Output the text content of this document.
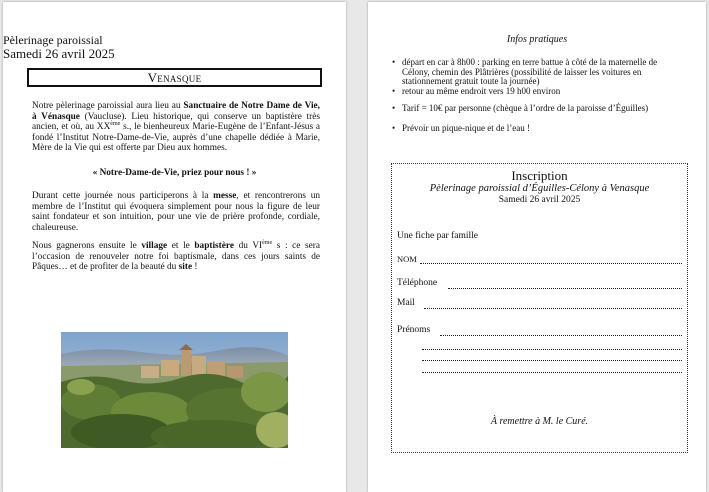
Pèlerinage paroissial
Samedi 26 avril 2025
Venasque
Notre pèlerinage paroissial aura lieu au Sanctuaire de Notre Dame de Vie, à Vénasque (Vaucluse). Lieu historique, qui conserve un baptistère très ancien, et où, au XXème s., le bienheureux Marie-Eugène de l’Enfant-Jésus a fondé l’Institut Notre-Dame-de-Vie, auprès d’une chapelle dédiée à Marie, Mère de la Vie qui est offerte par Dieu aux hommes.
« Notre-Dame-de-Vie, priez pour nous ! »
Durant cette journée nous participerons à la messe, et rencontrerons un membre de l’Institut qui évoquera simplement pour nous la figure de leur saint fondateur et son intuition, pour une vie de prière profonde, cordiale, chaleureuse.
Nous gagnerons ensuite le village et le baptistère du VIème s : ce sera l’occasion de renouveler notre foi baptismale, dans ces jours saints de Pâques… et de profiter de la beauté du site !
Infos pratiques
• départ en car à 8h00 : parking en terre battue à côté de la maternelle de Célony, chemin des Plâtrières (possibilité de laisser les voitures en stationnement gratuit toute la journée)
• retour au même endroit vers 19 h00 environ
• Tarif = 10€ par personne (chèque à l’ordre de la paroisse d’Éguilles)
• Prévoir un pique-nique et de l’eau !
Inscription
Pèlerinage paroissial d’Éguilles-Célony à Venasque
Samedi 26 avril 2025
Une fiche par famille
NOM
Téléphone
Mail
Prénoms
À remettre à M. le Curé.
